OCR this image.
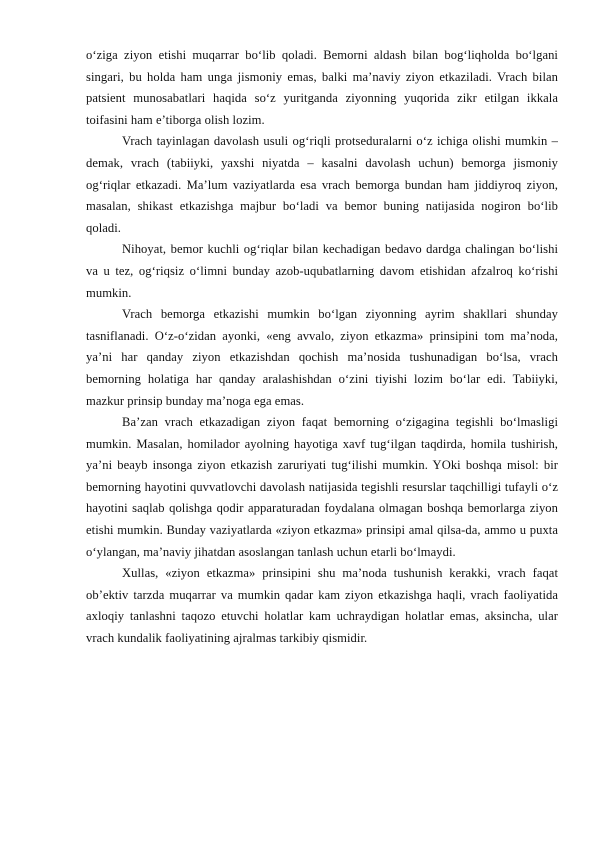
o‘ziga ziyon etishi muqarrar bo‘lib qoladi. Bemorni aldash bilan bog‘liqholda bo‘lgani singari, bu holda ham unga jismoniy emas, balki ma’naviy ziyon etkaziladi. Vrach bilan patsient munosabatlari haqida so‘z yuritganda ziyonning yuqorida zikr etilgan ikkala toifasini ham e’tiborga olish lozim.

Vrach tayinlagan davolash usuli og‘riqli protseduralarni o‘z ichiga olishi mumkin – demak, vrach (tabiiyki, yaxshi niyatda – kasalni davolash uchun) bemorga jismoniy og‘riqlar etkazadi. Ma’lum vaziyatlarda esa vrach bemorga bundan ham jiddiyroq ziyon, masalan, shikast etkazishga majbur bo‘ladi va bemor buning natijasida nogiron bo‘lib qoladi.

Nihoyat, bemor kuchli og‘riqlar bilan kechadigan bedavo dardga chalingan bo‘lishi va u tez, og‘riqsiz o‘limni bunday azob-uqubatlarning davom etishidan afzalroq ko‘rishi mumkin.

Vrach bemorga etkazishi mumkin bo‘lgan ziyonning ayrim shakllari shunday tasniflanadi. O‘z-o‘zidan ayonki, «eng avvalo, ziyon etkazma» prinsipini tom ma’noda, ya’ni har qanday ziyon etkazishdan qochish ma’nosida tushunadigan bo‘lsa, vrach bemorning holatiga har qanday aralashishdan o‘zini tiyishi lozim bo‘lar edi. Tabiiyki, mazkur prinsip bunday ma’noga ega emas.

Ba’zan vrach etkazadigan ziyon faqat bemorning o‘zigagina tegishli bo‘lmasligi mumkin. Masalan, homilador ayolning hayotiga xavf tug‘ilgan taqdirda, homila tushirish, ya’ni beayb insonga ziyon etkazish zaruriyati tug‘ilishi mumkin. YOki boshqa misol: bir bemorning hayotini quvvatlovchi davolash natijasida tegishli resurslar taqchilligi tufayli o‘z hayotini saqlab qolishga qodir apparaturadan foydalana olmagan boshqa bemorlarga ziyon etishi mumkin. Bunday vaziyatlarda «ziyon etkazma» prinsipi amal qilsa-da, ammo u puxta o‘ylangan, ma’naviy jihatdan asoslangan tanlash uchun etarli bo‘lmaydi.

Xullas, «ziyon etkazma» prinsipini shu ma’noda tushunish kerakki, vrach faqat ob’ektiv tarzda muqarrar va mumkin qadar kam ziyon etkazishga haqli, vrach faoliyatida axloqiy tanlashni taqozo etuvchi holatlar kam uchraydigan holatlar emas, aksincha, ular vrach kundalik faoliyatining ajralmas tarkibiy qismidir.
